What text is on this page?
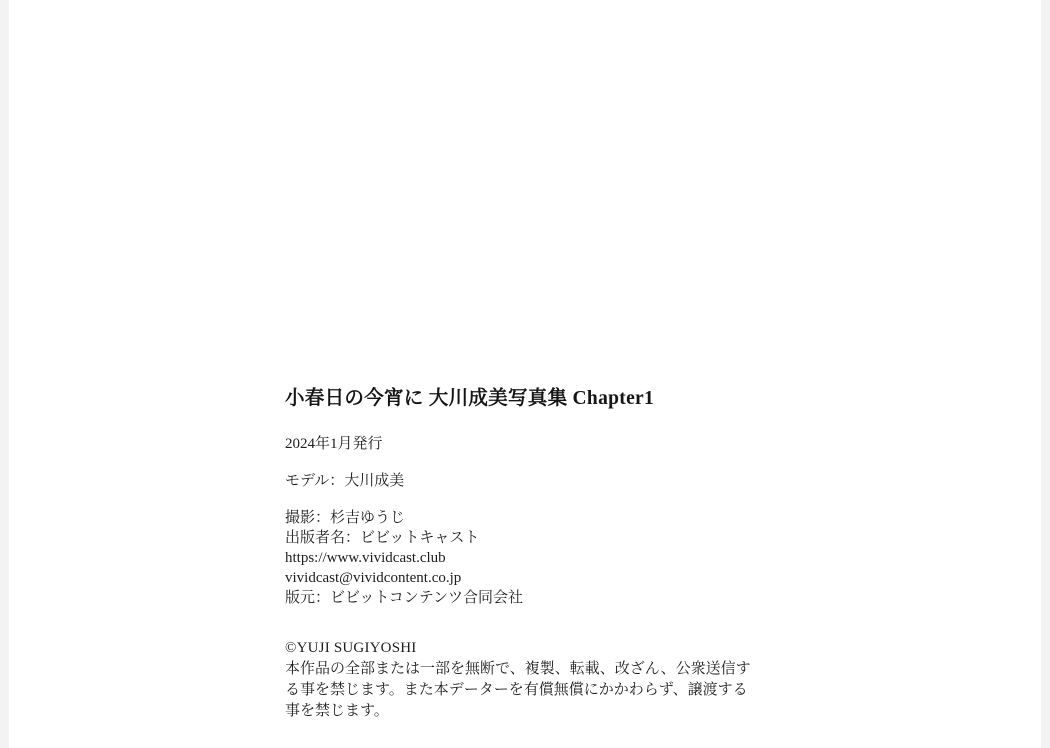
小春日の今宵に 大川成美写真集 Chapter1
2024年1月発行
モデル：大川成美
撮影：杉吉ゆうじ
出版者名：ビビットキャスト
https://www.vividcast.club
vividcast@vividcontent.co.jp
版元：ビビットコンテンツ合同会社
©YUJI SUGIYOSHI
本作品の全部または一部を無断で、複製、転載、改ざん、公衆送信す
る事を禁じます。また本データーを有償無償にかかわらず、譲渡する
事を禁じます。
